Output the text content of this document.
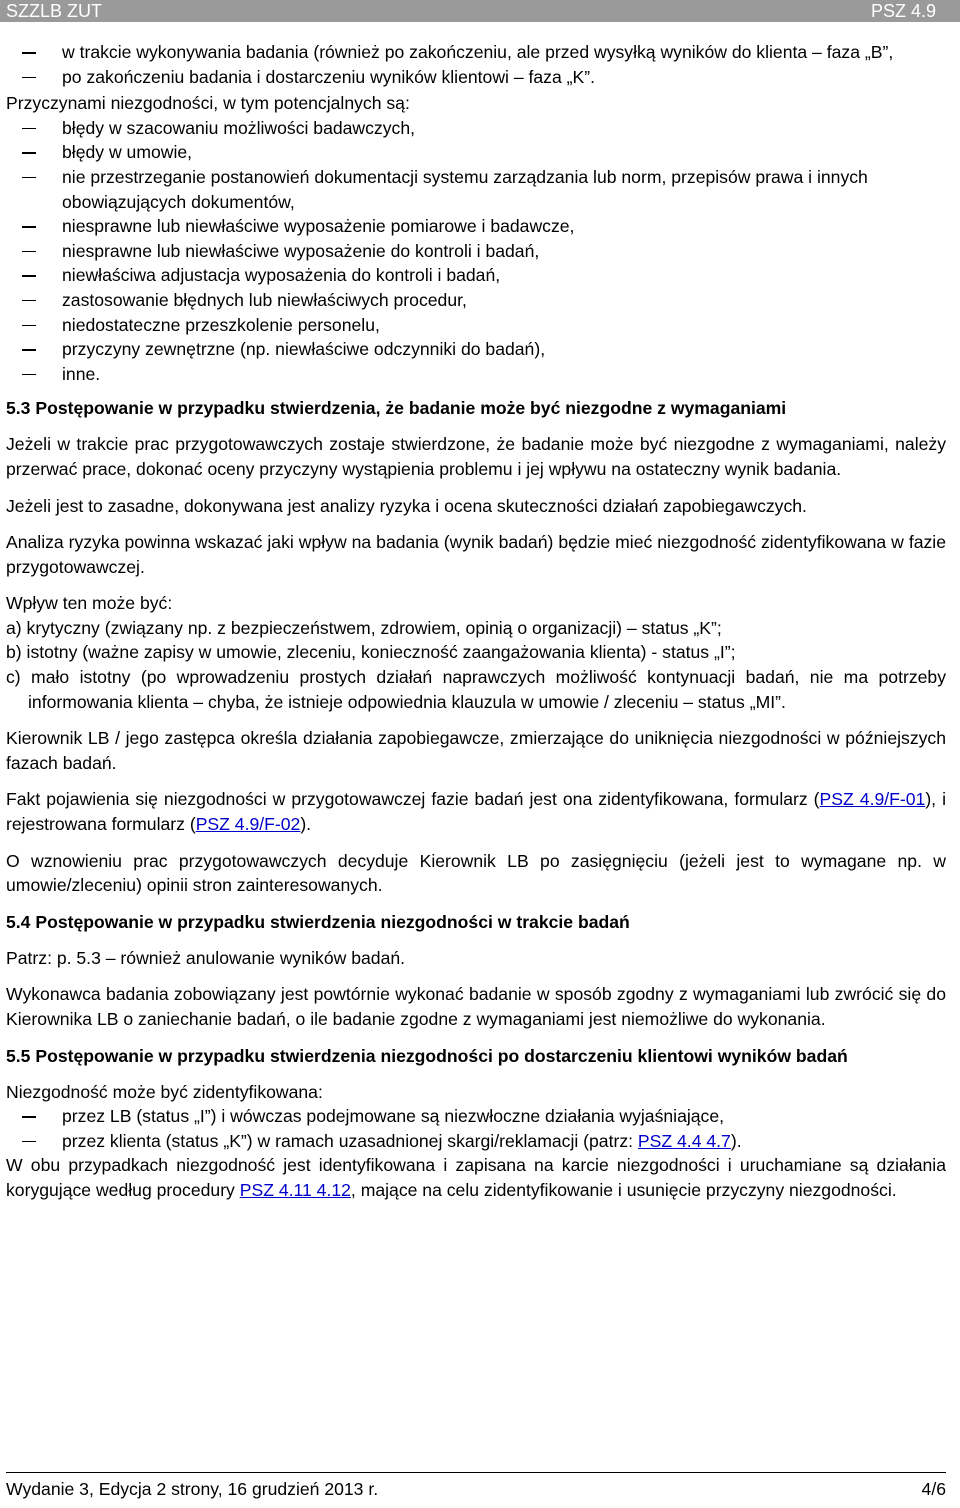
SZZLB ZUT	PSZ 4.9
w trakcie wykonywania badania (również po zakończeniu, ale przed wysyłką wyników do klienta – faza „B”,
po zakończeniu badania i dostarczeniu wyników klientowi – faza „K”.

Przyczynami niezgodności, w tym potencjalnych są:

błędy w szacowaniu możliwości badawczych,
błędy w umowie,
nie przestrzeganie postanowień dokumentacji systemu zarządzania lub norm, przepisów prawa i innych obowiązujących dokumentów,
niesprawne lub niewłaściwe wyposażenie pomiarowe i badawcze,
niesprawne lub niewłaściwe wyposażenie do kontroli i badań,
niewłaściwa adjustacja wyposażenia do kontroli i badań,
zastosowanie błędnych lub niewłaściwych procedur,
niedostateczne przeszkolenie personelu,
przyczyny zewnętrzne (np. niewłaściwe odczynniki do badań),
inne.
5.3 Postępowanie w przypadku stwierdzenia, że badanie może być niezgodne z wymaganiami

Jeżeli w trakcie prac przygotowawczych zostaje stwierdzone, że badanie może być niezgodne z wymaganiami, należy przerwać prace, dokonać oceny przyczyny wystąpienia problemu i jej wpływu na ostateczny wynik badania.

Jeżeli jest to zasadne, dokonywana jest analizy ryzyka i ocena skuteczności działań zapobiegawczych.

Analiza ryzyka powinna wskazać jaki wpływ na badania (wynik badań) będzie mieć niezgodność zidentyfikowana w fazie przygotowawczej.

Wpływ ten może być:

a) krytyczny (związany np. z bezpieczeństwem, zdrowiem, opinią o organizacji) – status „K”;

b) istotny (ważne zapisy w umowie, zleceniu, konieczność zaangażowania klienta) - status „I”;

c) mało istotny (po wprowadzeniu prostych działań naprawczych możliwość kontynuacji badań, nie ma potrzeby informowania klienta – chyba, że istnieje odpowiednia klauzula w umowie / zleceniu – status „MI”.

Kierownik LB / jego zastępca określa działania zapobiegawcze, zmierzające do uniknięcia niezgodności w późniejszych fazach badań.

Fakt pojawienia się niezgodności w przygotowawczej fazie badań jest ona zidentyfikowana, formularz (PSZ 4.9/F-01), i rejestrowana formularz (PSZ 4.9/F-02).

O wznowieniu prac przygotowawczych decyduje Kierownik LB po zasięgnięciu (jeżeli jest to wymagane np. w umowie/zleceniu) opinii stron zainteresowanych.

5.4 Postępowanie w przypadku stwierdzenia niezgodności w trakcie badań

Patrz: p. 5.3 – również anulowanie wyników badań.

Wykonawca badania zobowiązany jest powtórnie wykonać badanie w sposób zgodny z wymaganiami lub zwrócić się do Kierownika LB o zaniechanie badań, o ile badanie zgodne z wymaganiami jest niemożliwe do wykonania.

5.5 Postępowanie w przypadku stwierdzenia niezgodności po dostarczeniu klientowi wyników badań

Niezgodność może być zidentyfikowana:

przez LB (status „I”) i wówczas podejmowane są niezwłoczne działania wyjaśniające,
przez klienta (status „K”) w ramach uzasadnionej skargi/reklamacji (patrz: PSZ 4.4 4.7).

W obu przypadkach niezgodność jest identyfikowana i zapisana na karcie niezgodności i uruchamiane są działania korygujące według procedury PSZ 4.11 4.12, mające na celu zidentyfikowanie i usunięcie przyczyny niezgodności.

Wydanie 3, Edycja 2 strony, 16 grudzień 2013 r.	4/6
